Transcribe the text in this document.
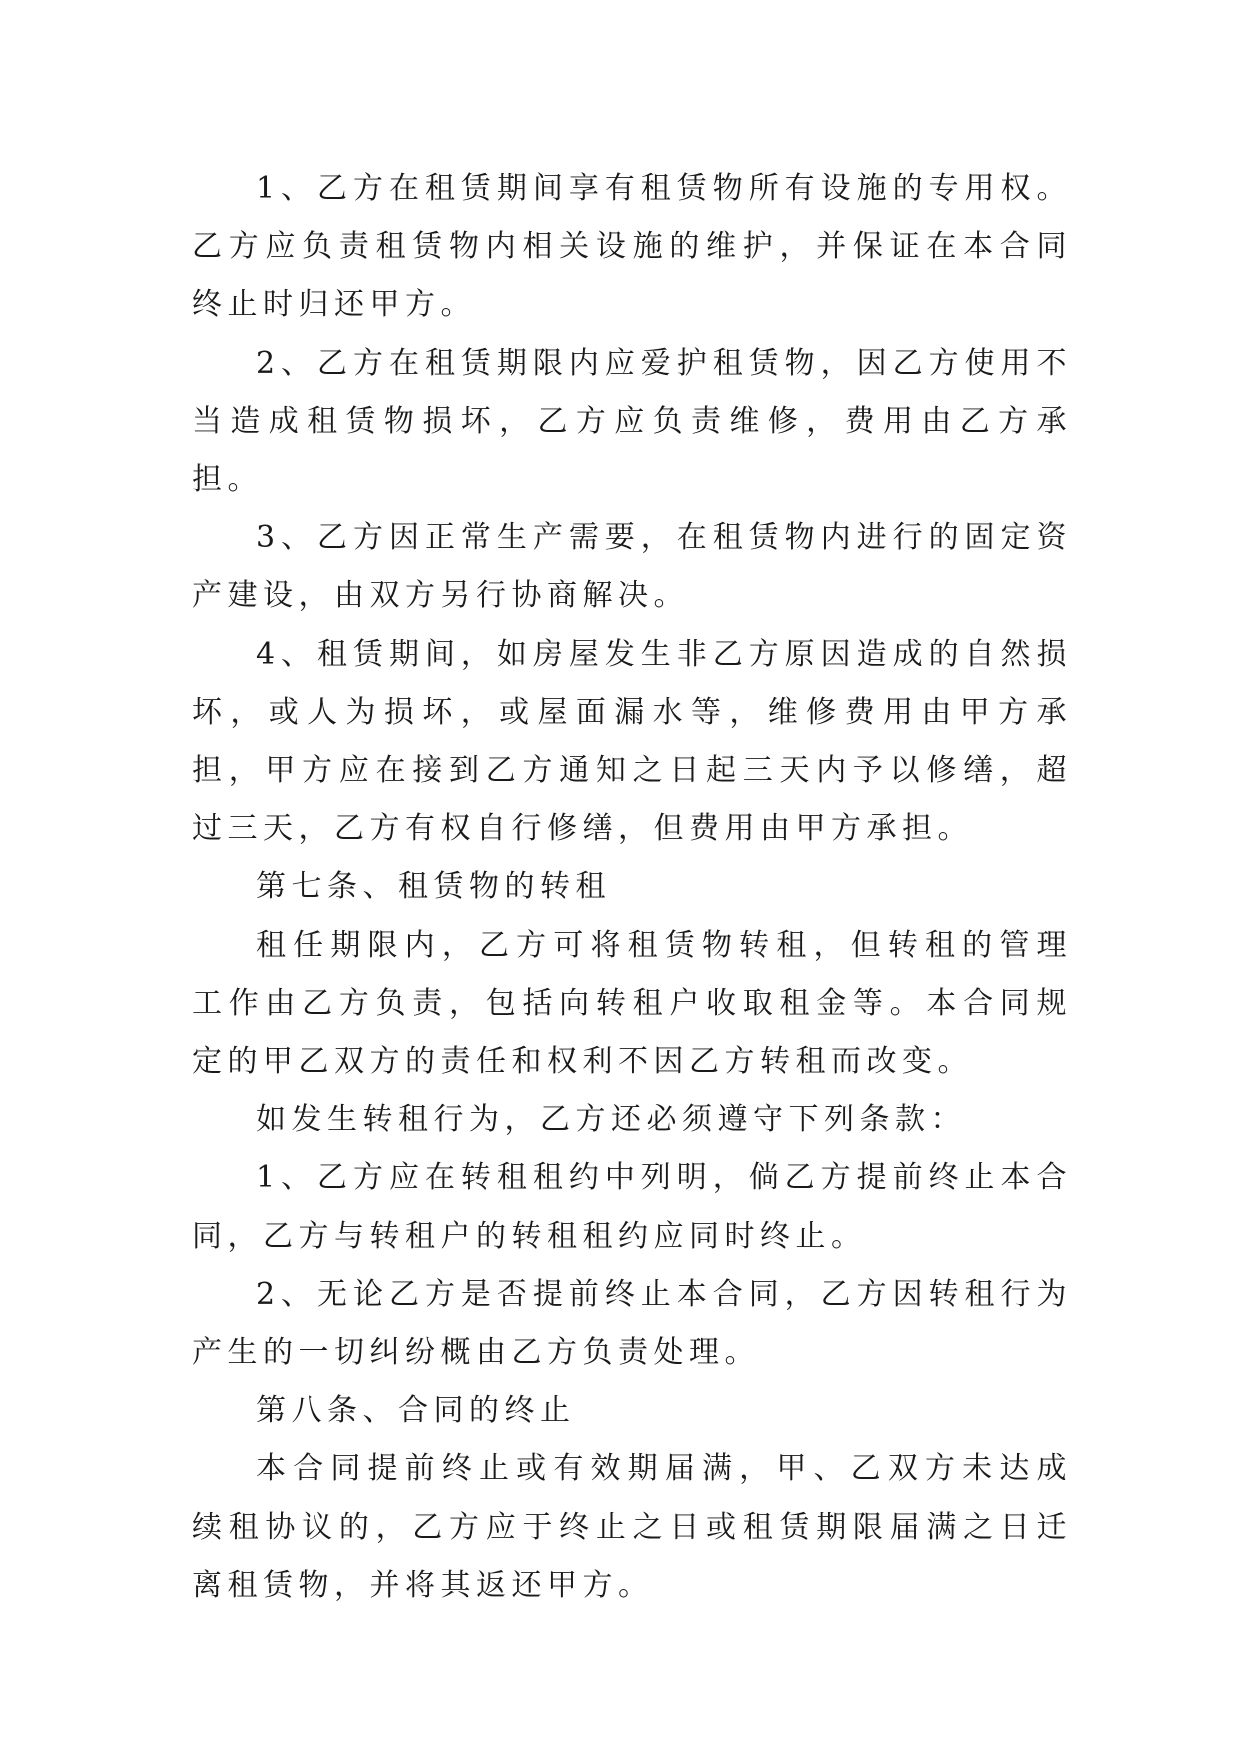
1、乙方在租赁期间享有租赁物所有设施的专用权。乙方应负责租赁物内相关设施的维护，并保证在本合同终止时归还甲方。

2、乙方在租赁期限内应爱护租赁物，因乙方使用不当造成租赁物损坏，乙方应负责维修，费用由乙方承担。

3、乙方因正常生产需要，在租赁物内进行的固定资产建设，由双方另行协商解决。

4、租赁期间，如房屋发生非乙方原因造成的自然损坏，或人为损坏，或屋面漏水等，维修费用由甲方承担，甲方应在接到乙方通知之日起三天内予以修缮，超过三天，乙方有权自行修缮，但费用由甲方承担。

第七条、租赁物的转租

租任期限内，乙方可将租赁物转租，但转租的管理工作由乙方负责，包括向转租户收取租金等。本合同规定的甲乙双方的责任和权利不因乙方转租而改变。

如发生转租行为，乙方还必须遵守下列条款：

1、乙方应在转租租约中列明，倘乙方提前终止本合同，乙方与转租户的转租租约应同时终止。

2、无论乙方是否提前终止本合同，乙方因转租行为产生的一切纠纷概由乙方负责处理。

第八条、合同的终止

本合同提前终止或有效期届满，甲、乙双方未达成续租协议的，乙方应于终止之日或租赁期限届满之日迁离租赁物，并将其返还甲方。
